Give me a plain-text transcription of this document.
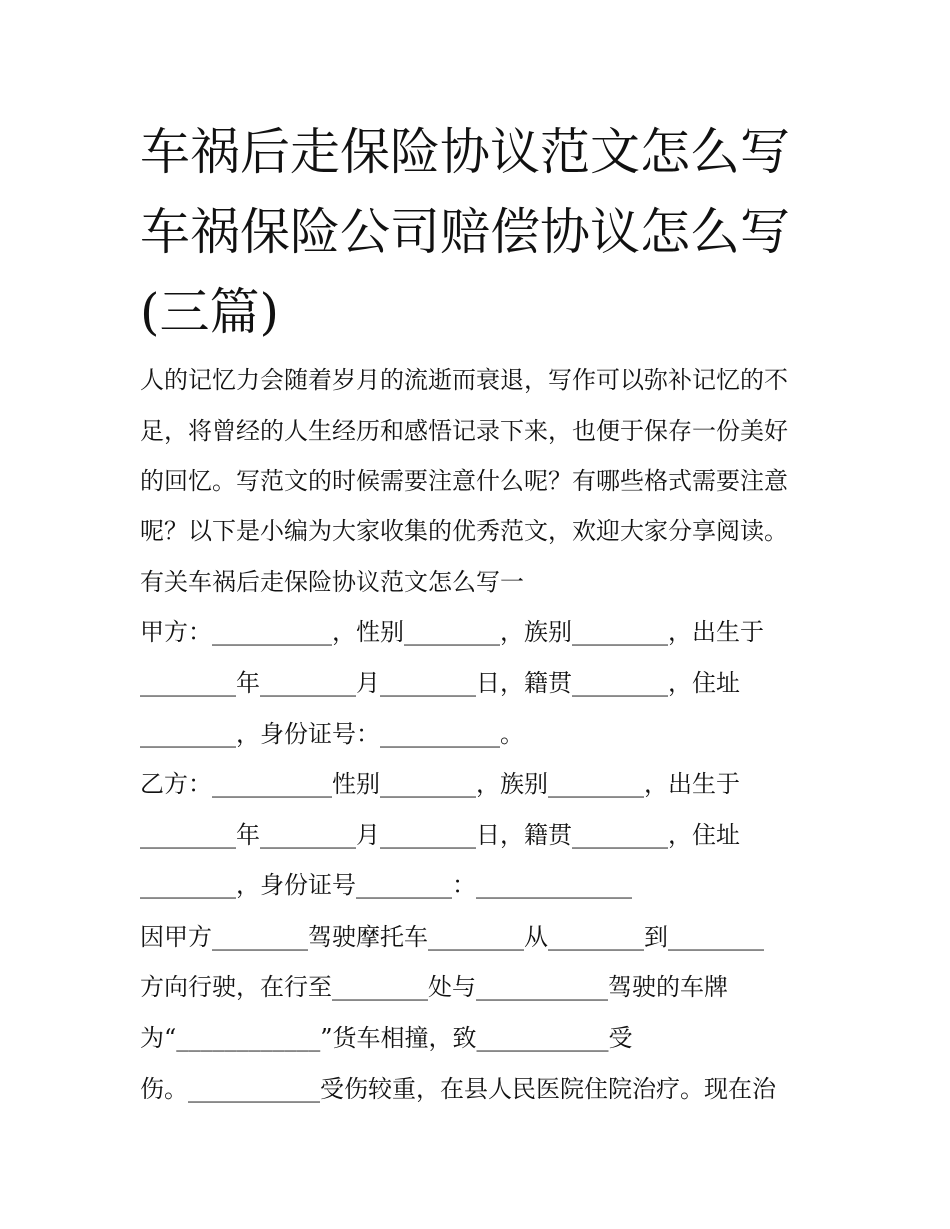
车祸后走保险协议范文怎么写
车祸保险公司赔偿协议怎么写
(三篇)
人的记忆力会随着岁月的流逝而衰退，写作可以弥补记忆的不
足，将曾经的人生经历和感悟记录下来，也便于保存一份美好
的回忆。写范文的时候需要注意什么呢？有哪些格式需要注意
呢？以下是小编为大家收集的优秀范文，欢迎大家分享阅读。
有关车祸后走保险协议范文怎么写一
甲方：__________，性别________，族别________，出生于
________年________月________日，籍贯________，住址
________，身份证号：__________。
乙方：__________性别________，族别________，出生于
________年________月________日，籍贯________，住址
________，身份证号________：_____________
因甲方________驾驶摩托车________从________到________
方向行驶，在行至________处与___________驾驶的车牌
为“____________”货车相撞，致___________受
伤。___________受伤较重，在县人民医院住院治疗。现在治
